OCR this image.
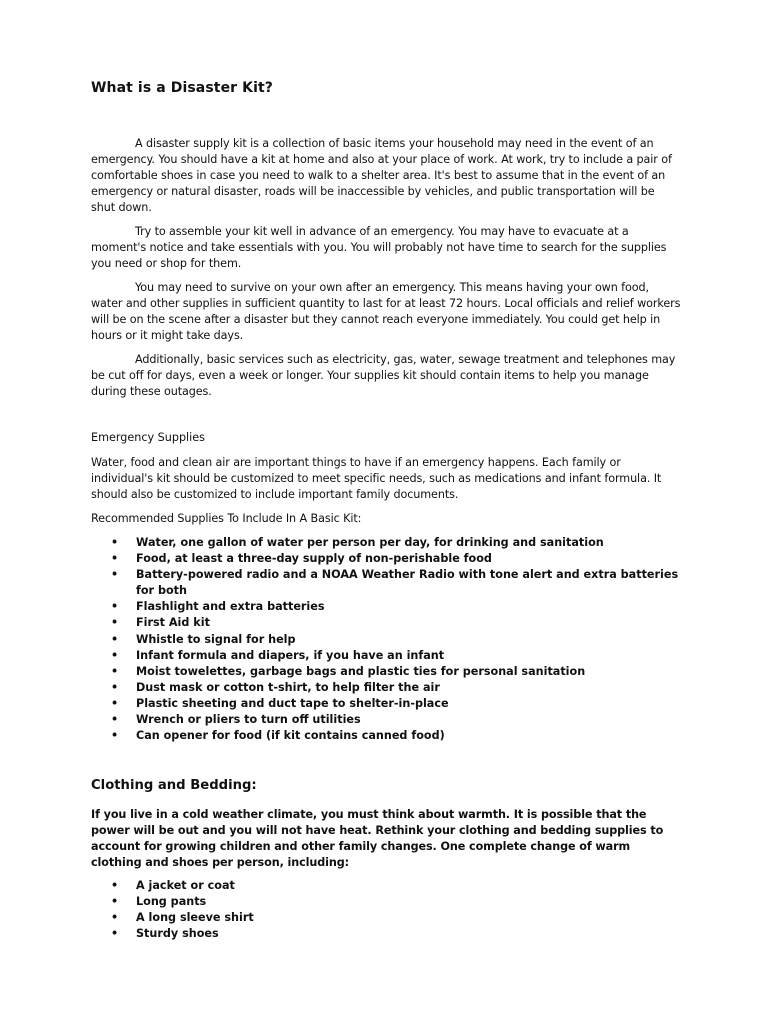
What is a Disaster Kit?

A disaster supply kit is a collection of basic items your household may need in the event of an emergency. You should have a kit at home and also at your place of work. At work, try to include a pair of comfortable shoes in case you need to walk to a shelter area. It's best to assume that in the event of an emergency or natural disaster, roads will be inaccessible by vehicles, and public transportation will be shut down.

Try to assemble your kit well in advance of an emergency. You may have to evacuate at a moment's notice and take essentials with you. You will probably not have time to search for the supplies you need or shop for them.

You may need to survive on your own after an emergency. This means having your own food, water and other supplies in sufficient quantity to last for at least 72 hours. Local officials and relief workers will be on the scene after a disaster but they cannot reach everyone immediately. You could get help in hours or it might take days.

Additionally, basic services such as electricity, gas, water, sewage treatment and telephones may be cut off for days, even a week or longer. Your supplies kit should contain items to help you manage during these outages.

Emergency Supplies

Water, food and clean air are important things to have if an emergency happens. Each family or individual's kit should be customized to meet specific needs, such as medications and infant formula. It should also be customized to include important family documents.

Recommended Supplies To Include In A Basic Kit:

• Water, one gallon of water per person per day, for drinking and sanitation
• Food, at least a three-day supply of non-perishable food
• Battery-powered radio and a NOAA Weather Radio with tone alert and extra batteries for both
• Flashlight and extra batteries
• First Aid kit
• Whistle to signal for help
• Infant formula and diapers, if you have an infant
• Moist towelettes, garbage bags and plastic ties for personal sanitation
• Dust mask or cotton t-shirt, to help filter the air
• Plastic sheeting and duct tape to shelter-in-place
• Wrench or pliers to turn off utilities
• Can opener for food (if kit contains canned food)
Clothing and Bedding:

If you live in a cold weather climate, you must think about warmth. It is possible that the power will be out and you will not have heat. Rethink your clothing and bedding supplies to account for growing children and other family changes. One complete change of warm clothing and shoes per person, including:

• A jacket or coat
• Long pants
• A long sleeve shirt
• Sturdy shoes
